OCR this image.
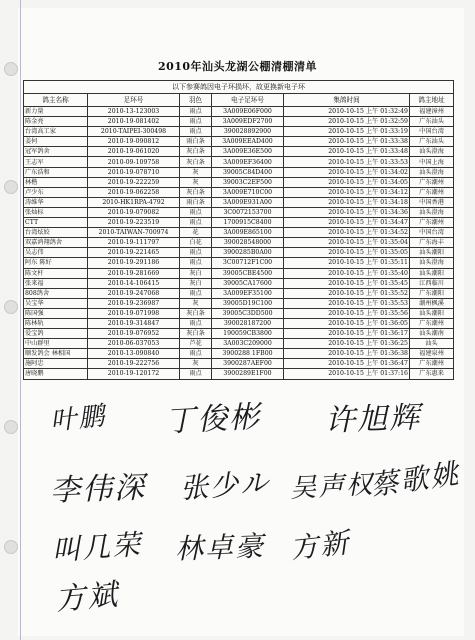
2010年汕头龙湖公棚清棚清单
以下参赛鸽因电子环损坏，故更换新电子环					
鸽主名称	足环号	羽色	电子足环号	集鸽时间	鸽主地址
新力量	2010-13-123003	雨点	3A009E06F000	2010-10-15 上午 01:32:49	福建漳州
陈金亮	2010-19-081402	雨点	3A009EDF2700	2010-10-15 上午 01:32:59	广东汕头
台湾高工家	2010-TAIPEI-300498	雨点	390028892900	2010-10-15 上午 01:33:19	中国台湾
姜何	2010-19-090812	雨白条	3A009EEAD400	2010-10-15 上午 01:33:38	广东汕头
冠军鸽舍	2010-19-061020	灰白条	3A009E36E500	2010-10-15 上午 01:33:48	汕头澄海
王志军	2010-09-109758	灰白条	3A009EF36400	2010-10-15 上午 01:33:53	中国上海
广东浩和	2010-19-078710	灰	39005C84D400	2010-10-15 上午 01:34:02	汕头澄海
林楷	2010-19-222259	灰	39003C2EF500	2010-10-15 上午 01:34:05	广东潮州
卢少东	2010-19-062258	灰白条	3A009E710C00	2010-10-15 上午 01:34:12	广东潮州
涛维华	2010-HK1RPA-4792	雨白条	3A009E931A00	2010-10-15 上午 01:34:18	中国香港
张灿标	2010-19-079082	雨点	3C0072153700	2010-10-15 上午 01:34:36	汕头澄海
CTT	2010-19-223519	雨点	1700915C8400	2010-10-15 上午 01:34:47	广东潮州
台湾炫姣	2010-TAIWAN-700974	花	3A009E865100	2010-10-15 上午 01:34:52	中国台湾
双嘉鸿翔鸽舍	2010-19-111797	白花	390028548000	2010-10-15 上午 01:35:04	广东海丰
吴志伟	2010-19-221465	雨点	3900285B0A00	2010-10-15 上午 01:35:05	汕头潮阳
阿东 陈好	2010-19-291186	雨点	3C00712F1C00	2010-10-15 上午 01:35:11	汕头澄海
陈文杆	2010-19-281669	灰白	39005CBE4500	2010-10-15 上午 01:35:40	汕头潮阳
张来福	2010-14-106415	灰白	39005CA17600	2010-10-15 上午 01:35:45	江西临川
808鸽舍	2010-19-247068	雨点	3A009EF35100	2010-10-15 上午 01:35:52	广东潮阳
吴宝华	2010-19-236987	灰	39005D19C100	2010-10-15 上午 01:35:53	潮州枫溪
陈国强	2010-19-071998	灰白条	39005C3DD500	2010-10-15 上午 01:35:56	汕头潮阳
陈林轨	2010-19-314847	雨点	390028187200	2010-10-15 上午 01:36:05	广东潮州
爱宝鸽	2010-19-076952	灰白条	190059CB3800	2010-10-15 上午 01:36:17	汕头潮南
中山群里	2010-06-037053	芦花	3A003C209000	2010-10-15 上午 01:36:25	汕头
顺发鸽会 林相国	2010-13-090840	雨点	3900288 1FB00	2010-10-15 上午 01:36:38	福建泉州
施阿忠	2010-19-222756	灰	3900287AEF00	2010-10-15 上午 01:36:47	广东潮州
唐晓鹏	2010-19-120172	雨点	3900289E1F00	2010-10-15 上午 01:37:16	广东惠来
叶鹏 丁俊彬 许旭辉
李伟深 张少ル 吴声权
蔡歌姚
叫几荣 林卓豪 方新
方斌
